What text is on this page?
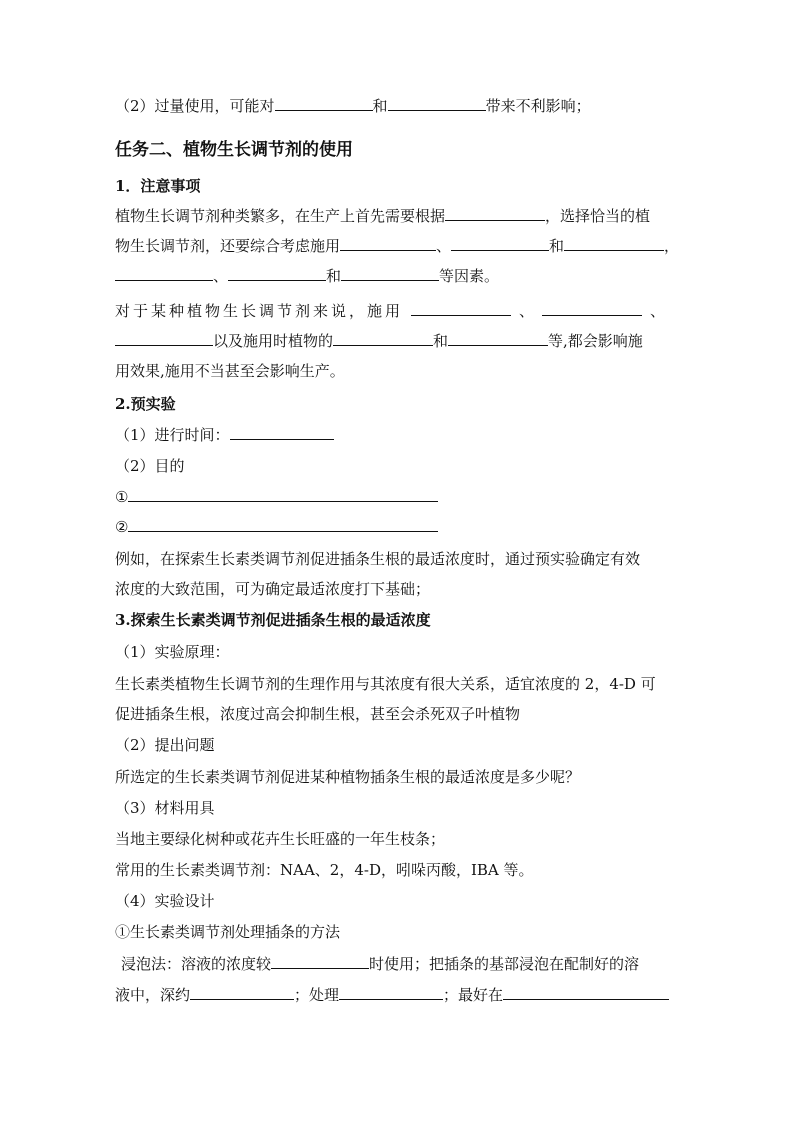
（2）过量使用，可能对	和	带来不利影响；
任务二、植物生长调节剂的使用
1．注意事项
植物生长调节剂种类繁多，在生产上首先需要根据	，选择恰当的植
物生长调节剂，还要综合考虑施用	、	和	，
、	和	等因素。
对于某种植物生长调节剂来说，施用	、	、
以及施用时植物的	和	等,都会影响施
用效果,施用不当甚至会影响生产。
2.预实验
（1）进行时间：
（2）目的
①
②
例如，在探索生长素类调节剂促进插条生根的最适浓度时，通过预实验确定有效
浓度的大致范围，可为确定最适浓度打下基础；
3.探索生长素类调节剂促进插条生根的最适浓度
（1）实验原理：
生长素类植物生长调节剂的生理作用与其浓度有很大关系，适宜浓度的 2，4-D 可
促进插条生根，浓度过高会抑制生根，甚至会杀死双子叶植物
（2）提出问题
所选定的生长素类调节剂促进某种植物插条生根的最适浓度是多少呢？
（3）材料用具
当地主要绿化树种或花卉生长旺盛的一年生枝条；
常用的生长素类调节剂：NAA、2，4-D，吲哚丙酸，IBA 等。
（4）实验设计
①生长素类调节剂处理插条的方法
浸泡法：溶液的浓度较	时使用；把插条的基部浸泡在配制好的溶
液中，深约	；处理	；最好在
